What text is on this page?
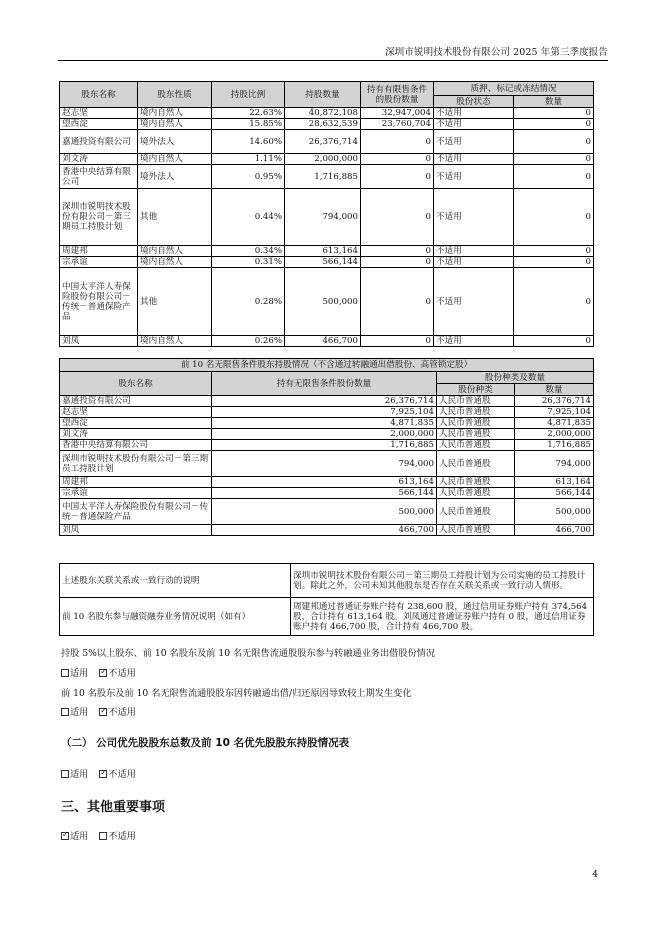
深圳市锐明技术股份有限公司 2025 年第三季度报告
股东名称	股东性质	持股比例	持股数量	持有有限售条件的股份数量	质押、标记或冻结情况	
					股份状态	数量
赵志坚	境内自然人	22.63%	40,872,108	32,947,004	不适用	0
望西淀	境内自然人	15.85%	28,632,539	23,760,704	不适用	0
嘉通投资有限公司	境外法人	14.60%	26,376,714	0	不适用	0
刘文涛	境内自然人	1.11%	2,000,000	0	不适用	0
香港中央结算有限公司	境外法人	0.95%	1,716,885	0	不适用	0
深圳市锐明技术股份有限公司－第三期员工持股计划	其他	0.44%	794,000	0	不适用	0
周建邦	境内自然人	0.34%	613,164	0	不适用	0
宗承谊	境内自然人	0.31%	566,144	0	不适用	0
中国太平洋人寿保险股份有限公司－传统－普通保险产品	其他	0.28%	500,000	0	不适用	0
刘凤	境内自然人	0.26%	466,700	0	不适用	0
前 10 名无限售条件股东持股情况（不含通过转融通出借股份、高管锁定股）			
股东名称	持有无限售条件股份数量	股份种类及数量	
		股份种类	数量
嘉通投资有限公司	26,376,714	人民币普通股	26,376,714
赵志坚	7,925,104	人民币普通股	7,925,104
望西淀	4,871,835	人民币普通股	4,871,835
刘文涛	2,000,000	人民币普通股	2,000,000
香港中央结算有限公司	1,716,885	人民币普通股	1,716,885
深圳市锐明技术股份有限公司－第三期员工持股计划	794,000	人民币普通股	794,000
周建邦	613,164	人民币普通股	613,164
宗承谊	566,144	人民币普通股	566,144
中国太平洋人寿保险股份有限公司－传统－普通保险产品	500,000	人民币普通股	500,000
刘凤	466,700	人民币普通股	466,700
上述股东关联关系或一致行动的说明	深圳市锐明技术股份有限公司－第三期员工持股计划为公司实施的员工持股计划。除此之外，公司未知其他股东是否存在关联关系或一致行动人情形。
前 10 名股东参与融资融券业务情况说明（如有）	周建邦通过普通证券账户持有 238,600 股，通过信用证券账户持有 374,564 股，合计持有 613,164 股。刘凤通过普通证券账户持有 0 股，通过信用证券账户持有 466,700 股，合计持有 466,700 股。
持股 5%以上股东、前 10 名股东及前 10 名无限售流通股股东参与转融通业务出借股份情况
适用 ✓ 不适用
前 10 名股东及前 10 名无限售流通股股东因转融通出借/归还原因导致较上期发生变化
适用 ✓ 不适用
（二） 公司优先股股东总数及前 10 名优先股股东持股情况表
适用 ✓ 不适用
三、其他重要事项
✓适用 不适用
4
